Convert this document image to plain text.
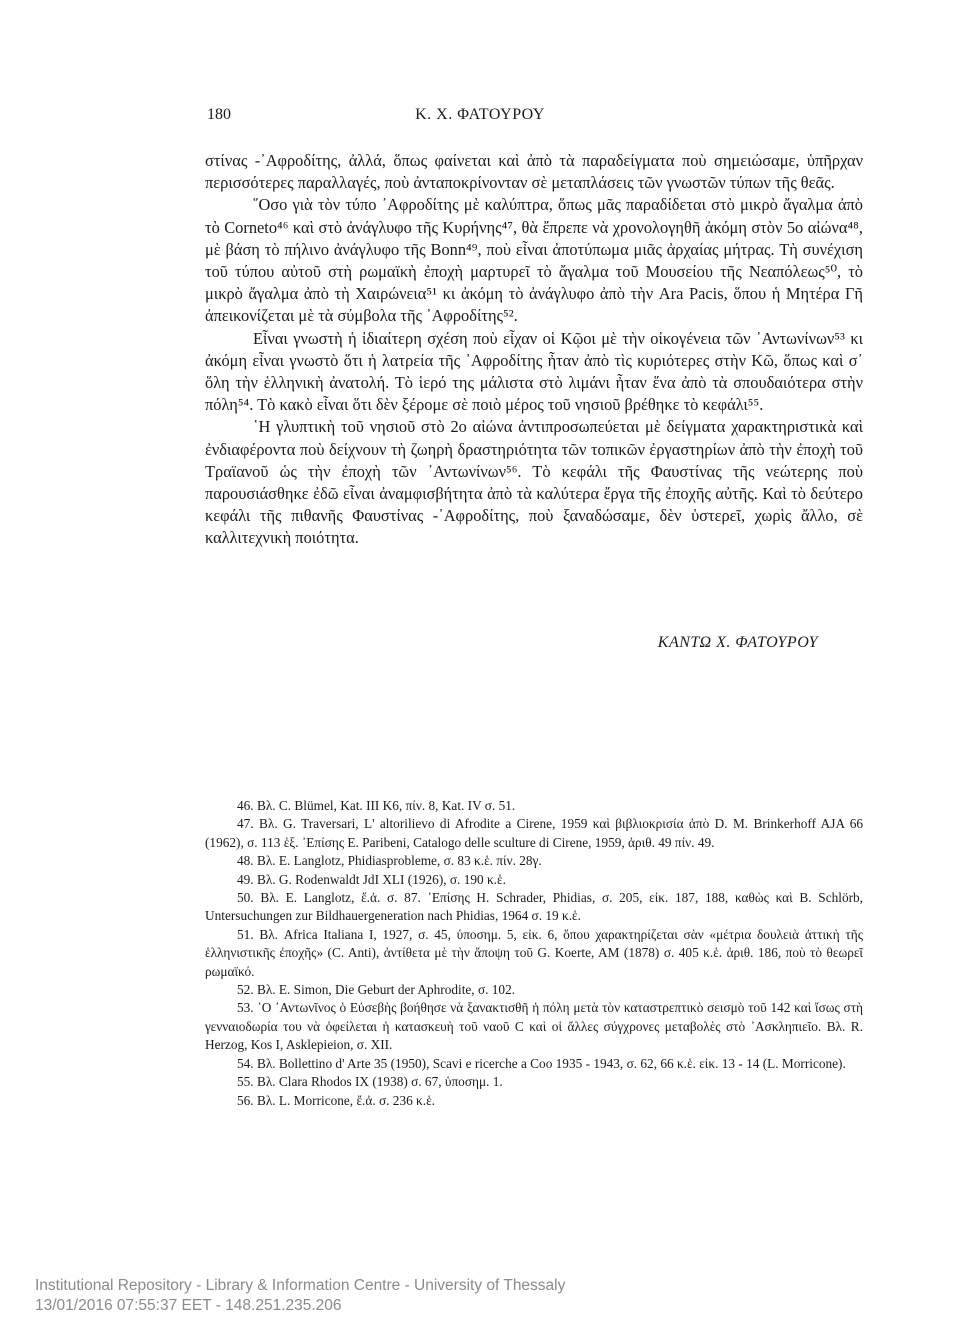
180	Κ. Χ. ΦΑΤΟΥΡΟΥ

στίνας -᾿Αφροδίτης, ἀλλά, ὅπως φαίνεται καὶ ἀπὸ τὰ παραδείγματα ποὺ σημειώσαμε, ὑπῆρχαν περισσότερες παραλλαγές, ποὺ ἀνταποκρίνονταν σὲ μεταπλάσεις τῶν γνωστῶν τύπων τῆς θεᾶς.

῞Οσο γιὰ τὸν τύπο ᾿Αφροδίτης μὲ καλύπτρα, ὅπως μᾶς παραδίδεται στὸ μικρὸ ἄγαλμα ἀπὸ τὸ Corneto⁴⁶ καὶ στὸ ἀνάγλυφο τῆς Κυρήνης⁴⁷, θὰ ἔπρεπε νὰ χρονολογηθῆ ἀκόμη στὸν 5ο αἰώνα⁴⁸, μὲ βάση τὸ πήλινο ἀνάγλυφο τῆς Bonn⁴⁹, ποὺ εἶναι ἀποτύπωμα μιᾶς ἀρχαίας μήτρας. Τὴ συνέχιση τοῦ τύπου αὐτοῦ στὴ ρωμαϊκὴ ἐποχὴ μαρτυρεῖ τὸ ἄγαλμα τοῦ Μουσείου τῆς Νεαπόλεως⁵⁰, τὸ μικρὸ ἄγαλμα ἀπὸ τὴ Χαιρώνεια⁵¹ κι ἀκόμη τὸ ἀνάγλυφο ἀπὸ τὴν Ara Pacis, ὅπου ἡ Μητέρα Γῆ ἀπεικονίζεται μὲ τὰ σύμβολα τῆς ᾿Αφροδίτης⁵².

Εἶναι γνωστὴ ἡ ἰδιαίτερη σχέση ποὺ εἶχαν οἱ Κῷοι μὲ τὴν οἰκογένεια τῶν ᾿Αντωνίνων⁵³ κι ἀκόμη εἶναι γνωστὸ ὅτι ἡ λατρεία τῆς ᾿Αφροδίτης ἦταν ἀπὸ τὶς κυριότερες στὴν Κῶ, ὅπως καὶ σ᾿ ὅλη τὴν ἑλληνικὴ ἀνατολή. Τὸ ἱερό της μάλιστα στὸ λιμάνι ἦταν ἕνα ἀπὸ τὰ σπουδαιότερα στὴν πόλη⁵⁴. Τὸ κακὸ εἶναι ὅτι δὲν ξέρομε σὲ ποιὸ μέρος τοῦ νησιοῦ βρέθηκε τὸ κεφάλι⁵⁵.

῾Η γλυπτικὴ τοῦ νησιοῦ στὸ 2ο αἰώνα ἀντιπροσωπεύεται μὲ δείγματα χαρακτηριστικὰ καὶ ἐνδιαφέροντα ποὺ δείχνουν τὴ ζωηρὴ δραστηριότητα τῶν τοπικῶν ἐργαστηρίων ἀπὸ τὴν ἐποχὴ τοῦ Τραϊανοῦ ὡς τὴν ἐποχὴ τῶν ᾿Αντωνίνων⁵⁶. Τὸ κεφάλι τῆς Φαυστίνας τῆς νεώτερης ποὺ παρουσιάσθηκε ἐδῶ εἶναι ἀναμφισβήτητα ἀπὸ τὰ καλύτερα ἔργα τῆς ἐποχῆς αὐτῆς. Καὶ τὸ δεύτερο κεφάλι τῆς πιθανῆς Φαυστίνας -᾿Αφροδίτης, ποὺ ξαναδώσαμε, δὲν ὑστερεῖ, χωρὶς ἄλλο, σὲ καλλιτεχνικὴ ποιότητα.

ΚΑΝΤΩ Χ. ΦΑΤΟΥΡΟΥ

46. Βλ. C. Blümel, Kat. III K6, πίν. 8, Kat. IV σ. 51.

47. Βλ. G. Traversari, L' altorilievo di Afrodite a Cirene, 1959 καὶ βιβλιοκρισία ἀπὸ D. M. Brinkerhoff AJA 66 (1962), σ. 113 ἑξ. ᾿Επίσης E. Paribeni, Catalogo delle sculture di Cirene, 1959, ἀριθ. 49 πίν. 49.

48. Βλ. E. Langlotz, Phidiasprobleme, σ. 83 κ.ἑ. πίν. 28γ.

49. Βλ. G. Rodenwaldt JdI XLI (1926), σ. 190 κ.ἑ.

50. Βλ. E. Langlotz, ἔ.ἀ. σ. 87. ᾿Επίσης H. Schrader, Phidias, σ. 205, εἰκ. 187, 188, καθὼς καὶ B. Schlörb, Untersuchungen zur Bildhauergeneration nach Phidias, 1964 σ. 19 κ.ἑ.

51. Βλ. Africa Italiana I, 1927, σ. 45, ὑποσημ. 5, εἰκ. 6, ὅπου χαρακτηρίζεται σὰν «μέτρια δουλειὰ ἀττικὴ τῆς ἑλληνιστικῆς ἐποχῆς» (C. Anti), ἀντίθετα μὲ τὴν ἄποψη τοῦ G. Koerte, AM (1878) σ. 405 κ.ἑ. ἀριθ. 186, ποὺ τὸ θεωρεῖ ρωμαϊκό.

52. Βλ. E. Simon, Die Geburt der Aphrodite, σ. 102.

53. ῾Ο ᾿Αντωνῖνος ὁ Εὐσεβὴς βοήθησε νὰ ξανακτισθῆ ἡ πόλη μετὰ τὸν καταστρεπτικὸ σεισμὸ τοῦ 142 καὶ ἴσως στὴ γενναιοδωρία του νὰ ὀφείλεται ἡ κατασκευὴ τοῦ ναοῦ C καὶ οἱ ἄλλες σύγχρονες μεταβολὲς στὸ ᾿Ασκληπιεῖο. Βλ. R. Herzog, Kos I, Asklepieion, σ. XII.

54. Βλ. Bollettino d' Arte 35 (1950), Scavi e ricerche a Coo 1935 - 1943, σ. 62, 66 κ.ἑ. εἰκ. 13 - 14 (L. Morricone).

55. Βλ. Clara Rhodos IX (1938) σ. 67, ὑποσημ. 1.

56. Βλ. L. Morricone, ἔ.ἀ. σ. 236 κ.ἑ.

Institutional Repository - Library & Information Centre - University of Thessaly
13/01/2016 07:55:37 EET - 148.251.235.206
